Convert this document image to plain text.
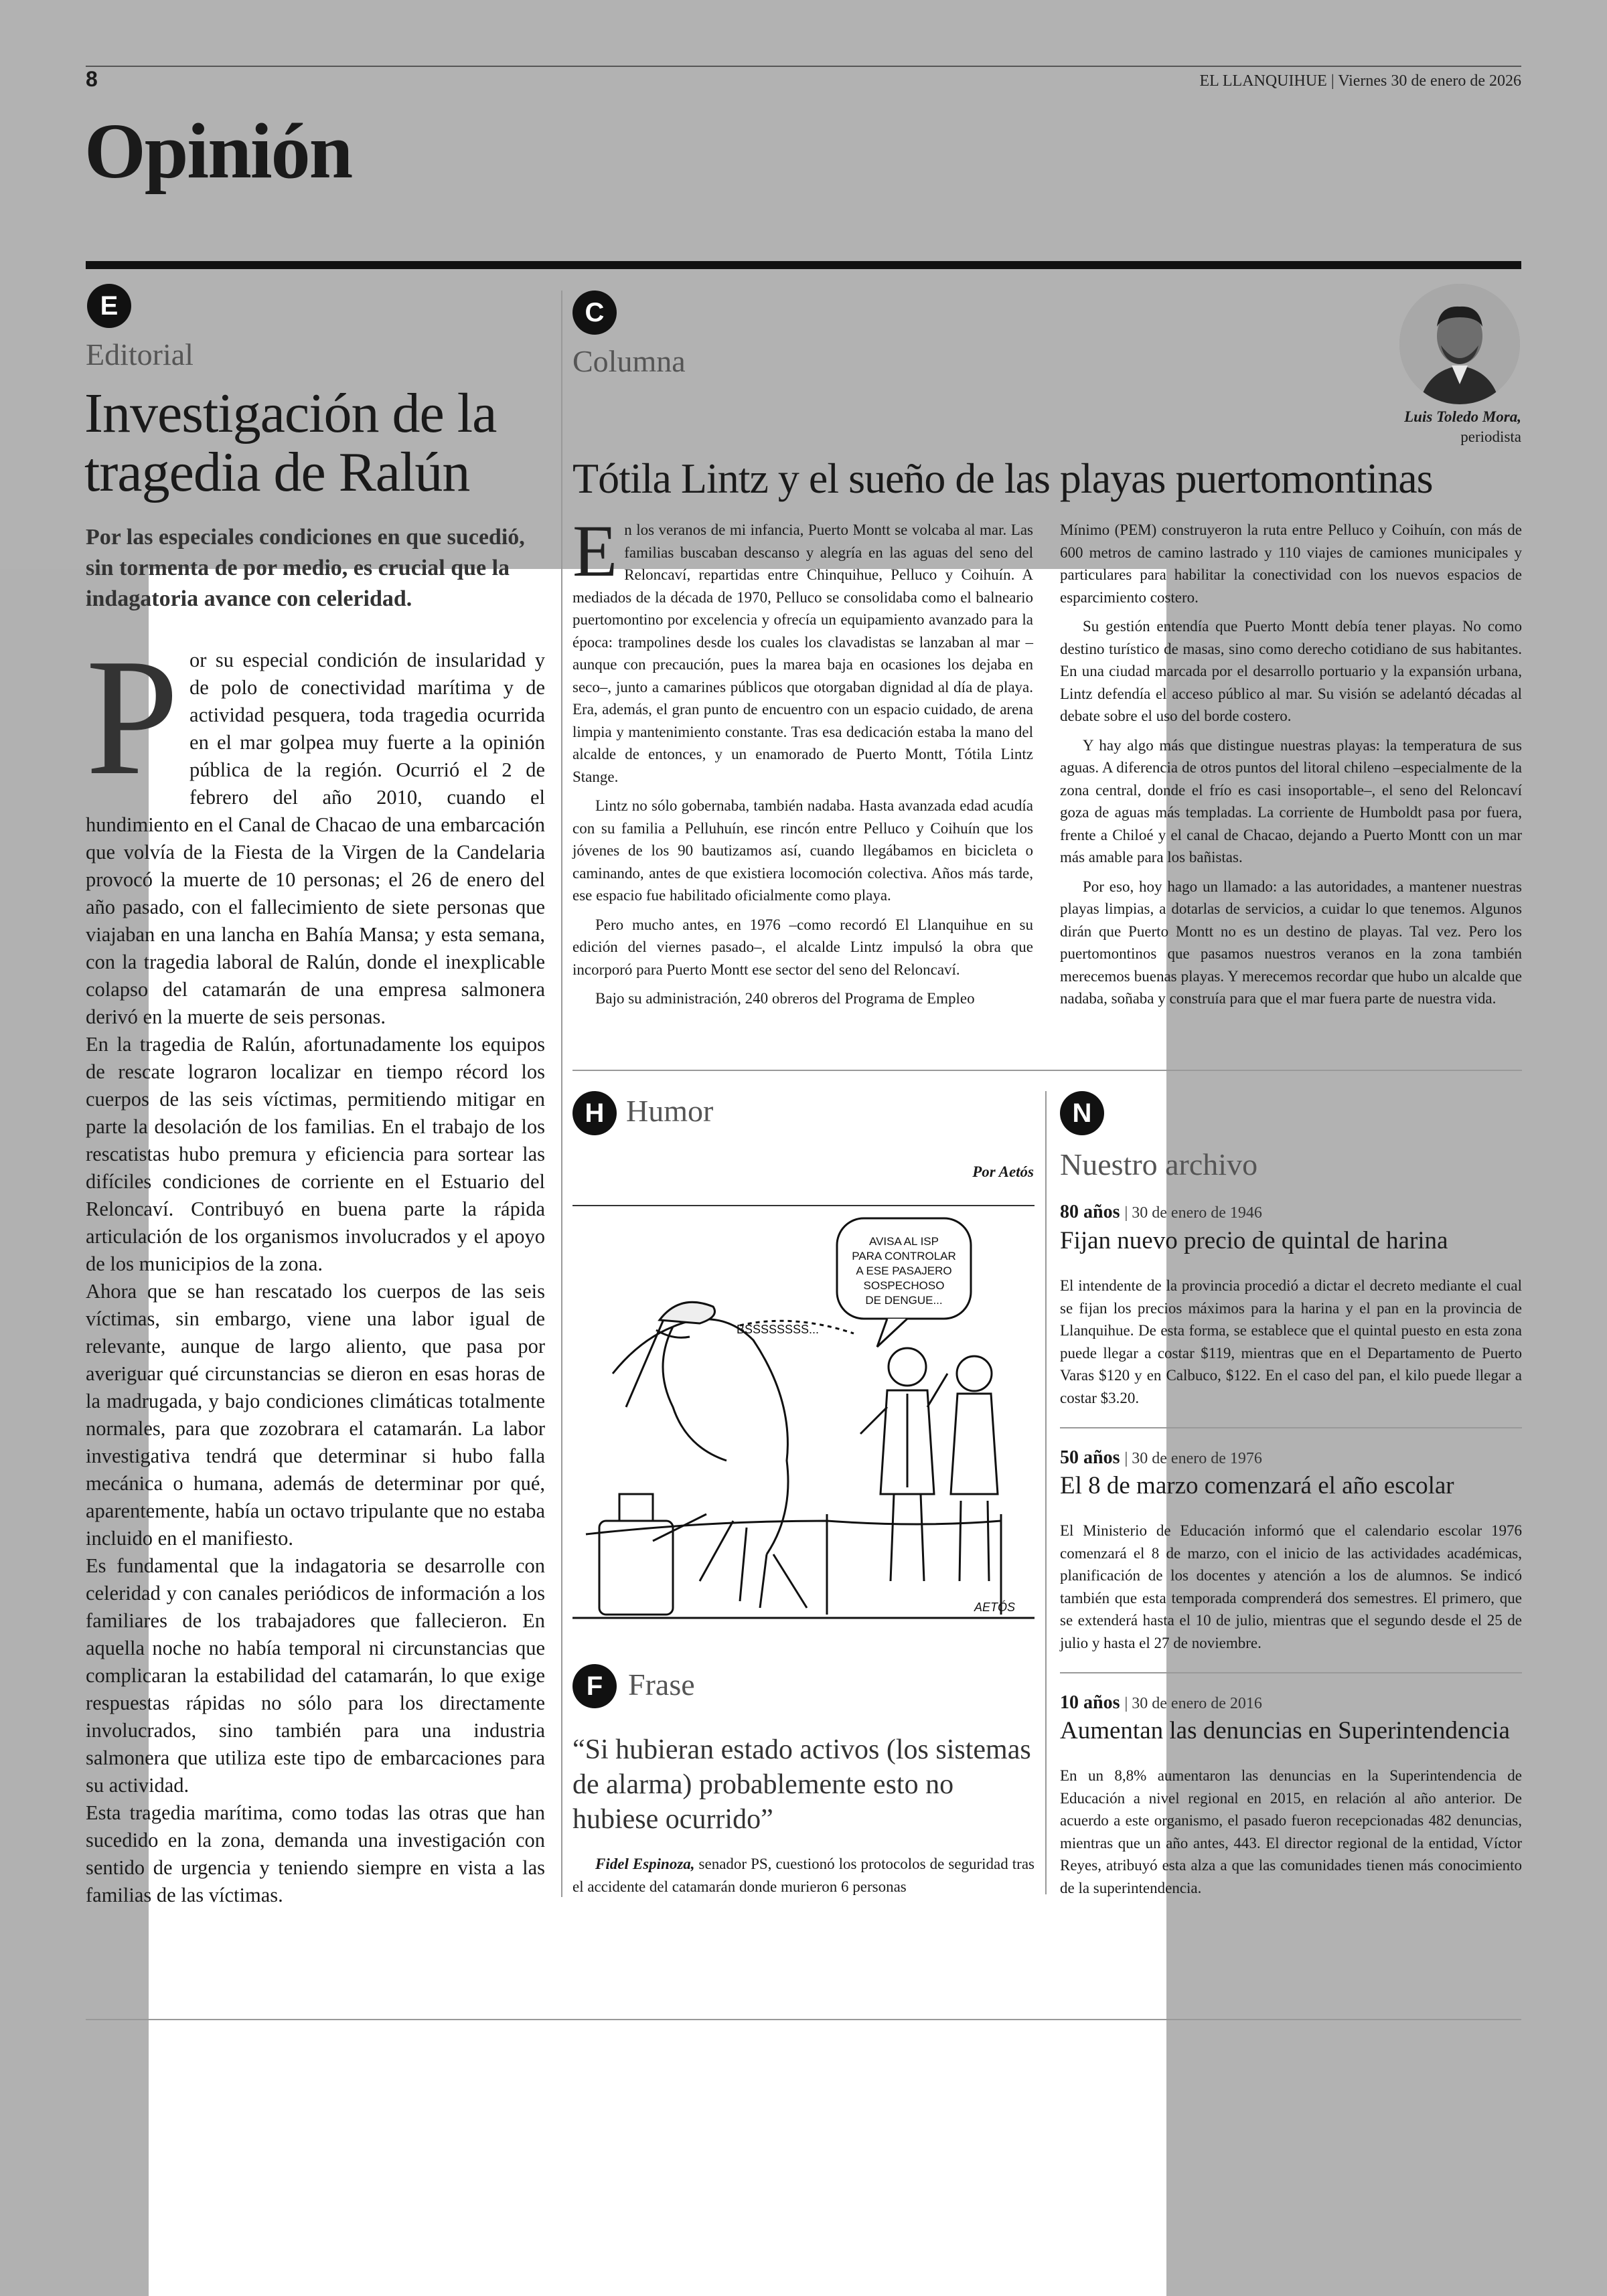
8	EL LLANQUIHUE | Viernes 30 de enero de 2026
Opinión
E
Editorial
Investigación de la
tragedia de Ralún
Por las especiales condiciones en que sucedió, sin tormenta de por medio, es crucial que la indagatoria avance con celeridad.

Por su especial condición de insularidad y de polo de conectividad marítima y de actividad pesquera, toda tragedia ocurrida en el mar golpea muy fuerte a la opinión pública de la región. Ocurrió el 2 de febrero del año 2010, cuando el hundimiento en el Canal de Chacao de una embarcación que volvía de la Fiesta de la Virgen de la Candelaria provocó la muerte de 10 personas; el 26 de enero del año pasado, con el fallecimiento de siete personas que viajaban en una lancha en Bahía Mansa; y esta semana, con la tragedia laboral de Ralún, donde el inexplicable colapso del catamarán de una empresa salmonera derivó en la muerte de seis personas.

En la tragedia de Ralún, afortunadamente los equipos de rescate lograron localizar en tiempo récord los cuerpos de las seis víctimas, permitiendo mitigar en parte la desolación de los familias. En el trabajo de los rescatistas hubo premura y eficiencia para sortear las difíciles condiciones de corriente en el Estuario del Reloncaví. Contribuyó en buena parte la rápida articulación de los organismos involucrados y el apoyo de los municipios de la zona.

Ahora que se han rescatado los cuerpos de las seis víctimas, sin embargo, viene una labor igual de relevante, aunque de largo aliento, que pasa por averiguar qué circunstancias se dieron en esas horas de la madrugada, y bajo condiciones climáticas totalmente normales, para que zozobrara el catamarán. La labor investigativa tendrá que determinar si hubo falla mecánica o humana, además de determinar por qué, aparentemente, había un octavo tripulante que no estaba incluido en el manifiesto.

Es fundamental que la indagatoria se desarrolle con celeridad y con canales periódicos de información a los familiares de los trabajadores que fallecieron. En aquella noche no había temporal ni circunstancias que complicaran la estabilidad del catamarán, lo que exige respuestas rápidas no sólo para los directamente involucrados, sino también para una industria salmonera que utiliza este tipo de embarcaciones para su actividad.

Esta tragedia marítima, como todas las otras que han sucedido en la zona, demanda una investigación con sentido de urgencia y teniendo siempre en vista a las familias de las víctimas.

C
Columna
Luis Toledo Mora,
periodista
Tótila Lintz y el sueño de las playas puertomontinas

En los veranos de mi infancia, Puerto Montt se volcaba al mar. Las familias buscaban descanso y alegría en las aguas del seno del Reloncaví, repartidas entre Chinquihue, Pelluco y Coihuín. A mediados de la década de 1970, Pelluco se consolidaba como el balneario puertomontino por excelencia y ofrecía un equipamiento avanzado para la época: trampolines desde los cuales los clavadistas se lanzaban al mar –aunque con precaución, pues la marea baja en ocasiones los dejaba en seco–, junto a camarines públicos que otorgaban dignidad al día de playa. Era, además, el gran punto de encuentro con un espacio cuidado, de arena limpia y mantenimiento constante. Tras esa dedicación estaba la mano del alcalde de entonces, y un enamorado de Puerto Montt, Tótila Lintz Stange.

Lintz no sólo gobernaba, también nadaba. Hasta avanzada edad acudía con su familia a Pelluhuín, ese rincón entre Pelluco y Coihuín que los jóvenes de los 90 bautizamos así, cuando llegábamos en bicicleta o caminando, antes de que existiera locomoción colectiva. Años más tarde, ese espacio fue habilitado oficialmente como playa.

Pero mucho antes, en 1976 –como recordó El Llanquihue en su edición del viernes pasado–, el alcalde Lintz impulsó la obra que incorporó para Puerto Montt ese sector del seno del Reloncaví.

Bajo su administración, 240 obreros del Programa de Empleo

Mínimo (PEM) construyeron la ruta entre Pelluco y Coihuín, con más de 600 metros de camino lastrado y 110 viajes de camiones municipales y particulares para habilitar la conectividad con los nuevos espacios de esparcimiento costero.

Su gestión entendía que Puerto Montt debía tener playas. No como destino turístico de masas, sino como derecho cotidiano de sus habitantes. En una ciudad marcada por el desarrollo portuario y la expansión urbana, Lintz defendía el acceso público al mar. Su visión se adelantó décadas al debate sobre el uso del borde costero.

Y hay algo más que distingue nuestras playas: la temperatura de sus aguas. A diferencia de otros puntos del litoral chileno –especialmente de la zona central, donde el frío es casi insoportable–, el seno del Reloncaví goza de aguas más templadas. La corriente de Humboldt pasa por fuera, frente a Chiloé y el canal de Chacao, dejando a Puerto Montt con un mar más amable para los bañistas.

Por eso, hoy hago un llamado: a las autoridades, a mantener nuestras playas limpias, a dotarlas de servicios, a cuidar lo que tenemos. Algunos dirán que Puerto Montt no es un destino de playas. Tal vez. Pero los puertomontinos que pasamos nuestros veranos en la zona también merecemos buenas playas. Y merecemos recordar que hubo un alcalde que nadaba, soñaba y construía para que el mar fuera parte de nuestra vida.

H Humor
Por Aetós
AVISA AL ISP
PARA CONTROLAR
A ESE PASAJERO
SOSPECHOSO
DE DENGUE...
BSSSSSSSS...
AETÓS
F Frase
“Si hubieran estado activos (los sistemas de alarma) probablemente esto no hubiese ocurrido”

Fidel Espinoza, senador PS, cuestionó los protocolos de seguridad tras el accidente del catamarán donde murieron 6 personas

N
Nuestro archivo
80 años | 30 de enero de 1946
Fijan nuevo precio de quintal de harina

El intendente de la provincia procedió a dictar el decreto mediante el cual se fijan los precios máximos para la harina y el pan en la provincia de Llanquihue. De esta forma, se establece que el quintal puesto en esta zona puede llegar a costar $119, mientras que en el Departamento de Puerto Varas $120 y en Calbuco, $122. En el caso del pan, el kilo puede llegar a costar $3.20.

50 años | 30 de enero de 1976
El 8 de marzo comenzará el año escolar

El Ministerio de Educación informó que el calendario escolar 1976 comenzará el 8 de marzo, con el inicio de las actividades académicas, planificación de los docentes y atención a los de alumnos. Se indicó también que esta temporada comprenderá dos semestres. El primero, que se extenderá hasta el 10 de julio, mientras que el segundo desde el 25 de julio y hasta el 27 de noviembre.

10 años | 30 de enero de 2016
Aumentan las denuncias en Superintendencia

En un 8,8% aumentaron las denuncias en la Superintendencia de Educación a nivel regional en 2015, en relación al año anterior. De acuerdo a este organismo, el pasado fueron recepcionadas 482 denuncias, mientras que un año antes, 443. El director regional de la entidad, Víctor Reyes, atribuyó esta alza a que las comunidades tienen más conocimiento de la superintendencia.
